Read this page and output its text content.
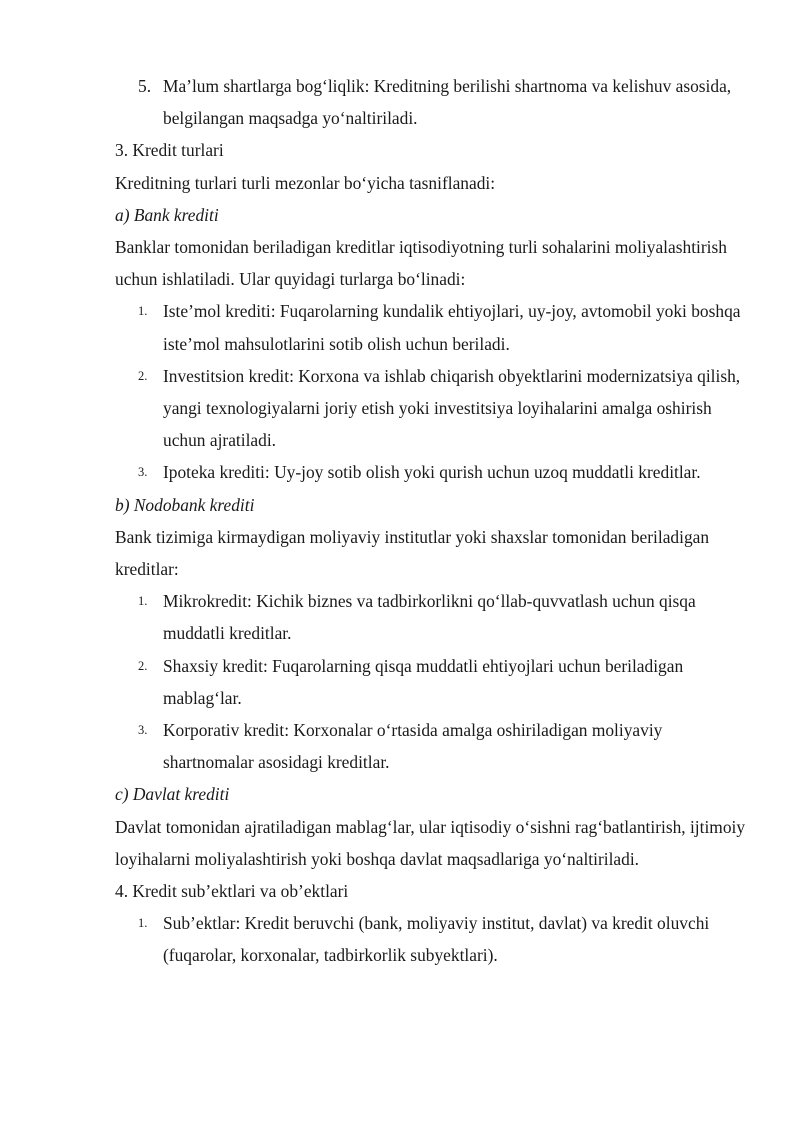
5. Ma’lum shartlarga bog‘liqlik: Kreditning berilishi shartnoma va kelishuv asosida, belgilangan maqsadga yo‘naltiriladi.

3. Kredit turlari

Kreditning turlari turli mezonlar bo‘yicha tasniflanadi:

a) Bank krediti

Banklar tomonidan beriladigan kreditlar iqtisodiyotning turli sohalarini moliyalashtirish uchun ishlatiladi. Ular quyidagi turlarga bo‘linadi:

1. Iste’mol krediti: Fuqarolarning kundalik ehtiyojlari, uy-joy, avtomobil yoki boshqa iste’mol mahsulotlarini sotib olish uchun beriladi.
2. Investitsion kredit: Korxona va ishlab chiqarish obyektlarini modernizatsiya qilish, yangi texnologiyalarni joriy etish yoki investitsiya loyihalarini amalga oshirish uchun ajratiladi.
3. Ipoteka krediti: Uy-joy sotib olish yoki qurish uchun uzoq muddatli kreditlar.

b) Nodobank krediti

Bank tizimiga kirmaydigan moliyaviy institutlar yoki shaxslar tomonidan beriladigan kreditlar:

1. Mikrokredit: Kichik biznes va tadbirkorlikni qo‘llab-quvvatlash uchun qisqa muddatli kreditlar.
2. Shaxsiy kredit: Fuqarolarning qisqa muddatli ehtiyojlari uchun beriladigan mablag‘lar.
3. Korporativ kredit: Korxonalar o‘rtasida amalga oshiriladigan moliyaviy shartnomalar asosidagi kreditlar.

c) Davlat krediti

Davlat tomonidan ajratiladigan mablag‘lar, ular iqtisodiy o‘sishni rag‘batlantirish, ijtimoiy loyihalarni moliyalashtirish yoki boshqa davlat maqsadlariga yo‘naltiriladi.

4. Kredit sub’ektlari va ob’ektlari

1. Sub’ektlar: Kredit beruvchi (bank, moliyaviy institut, davlat) va kredit oluvchi (fuqarolar, korxonalar, tadbirkorlik subyektlari).
